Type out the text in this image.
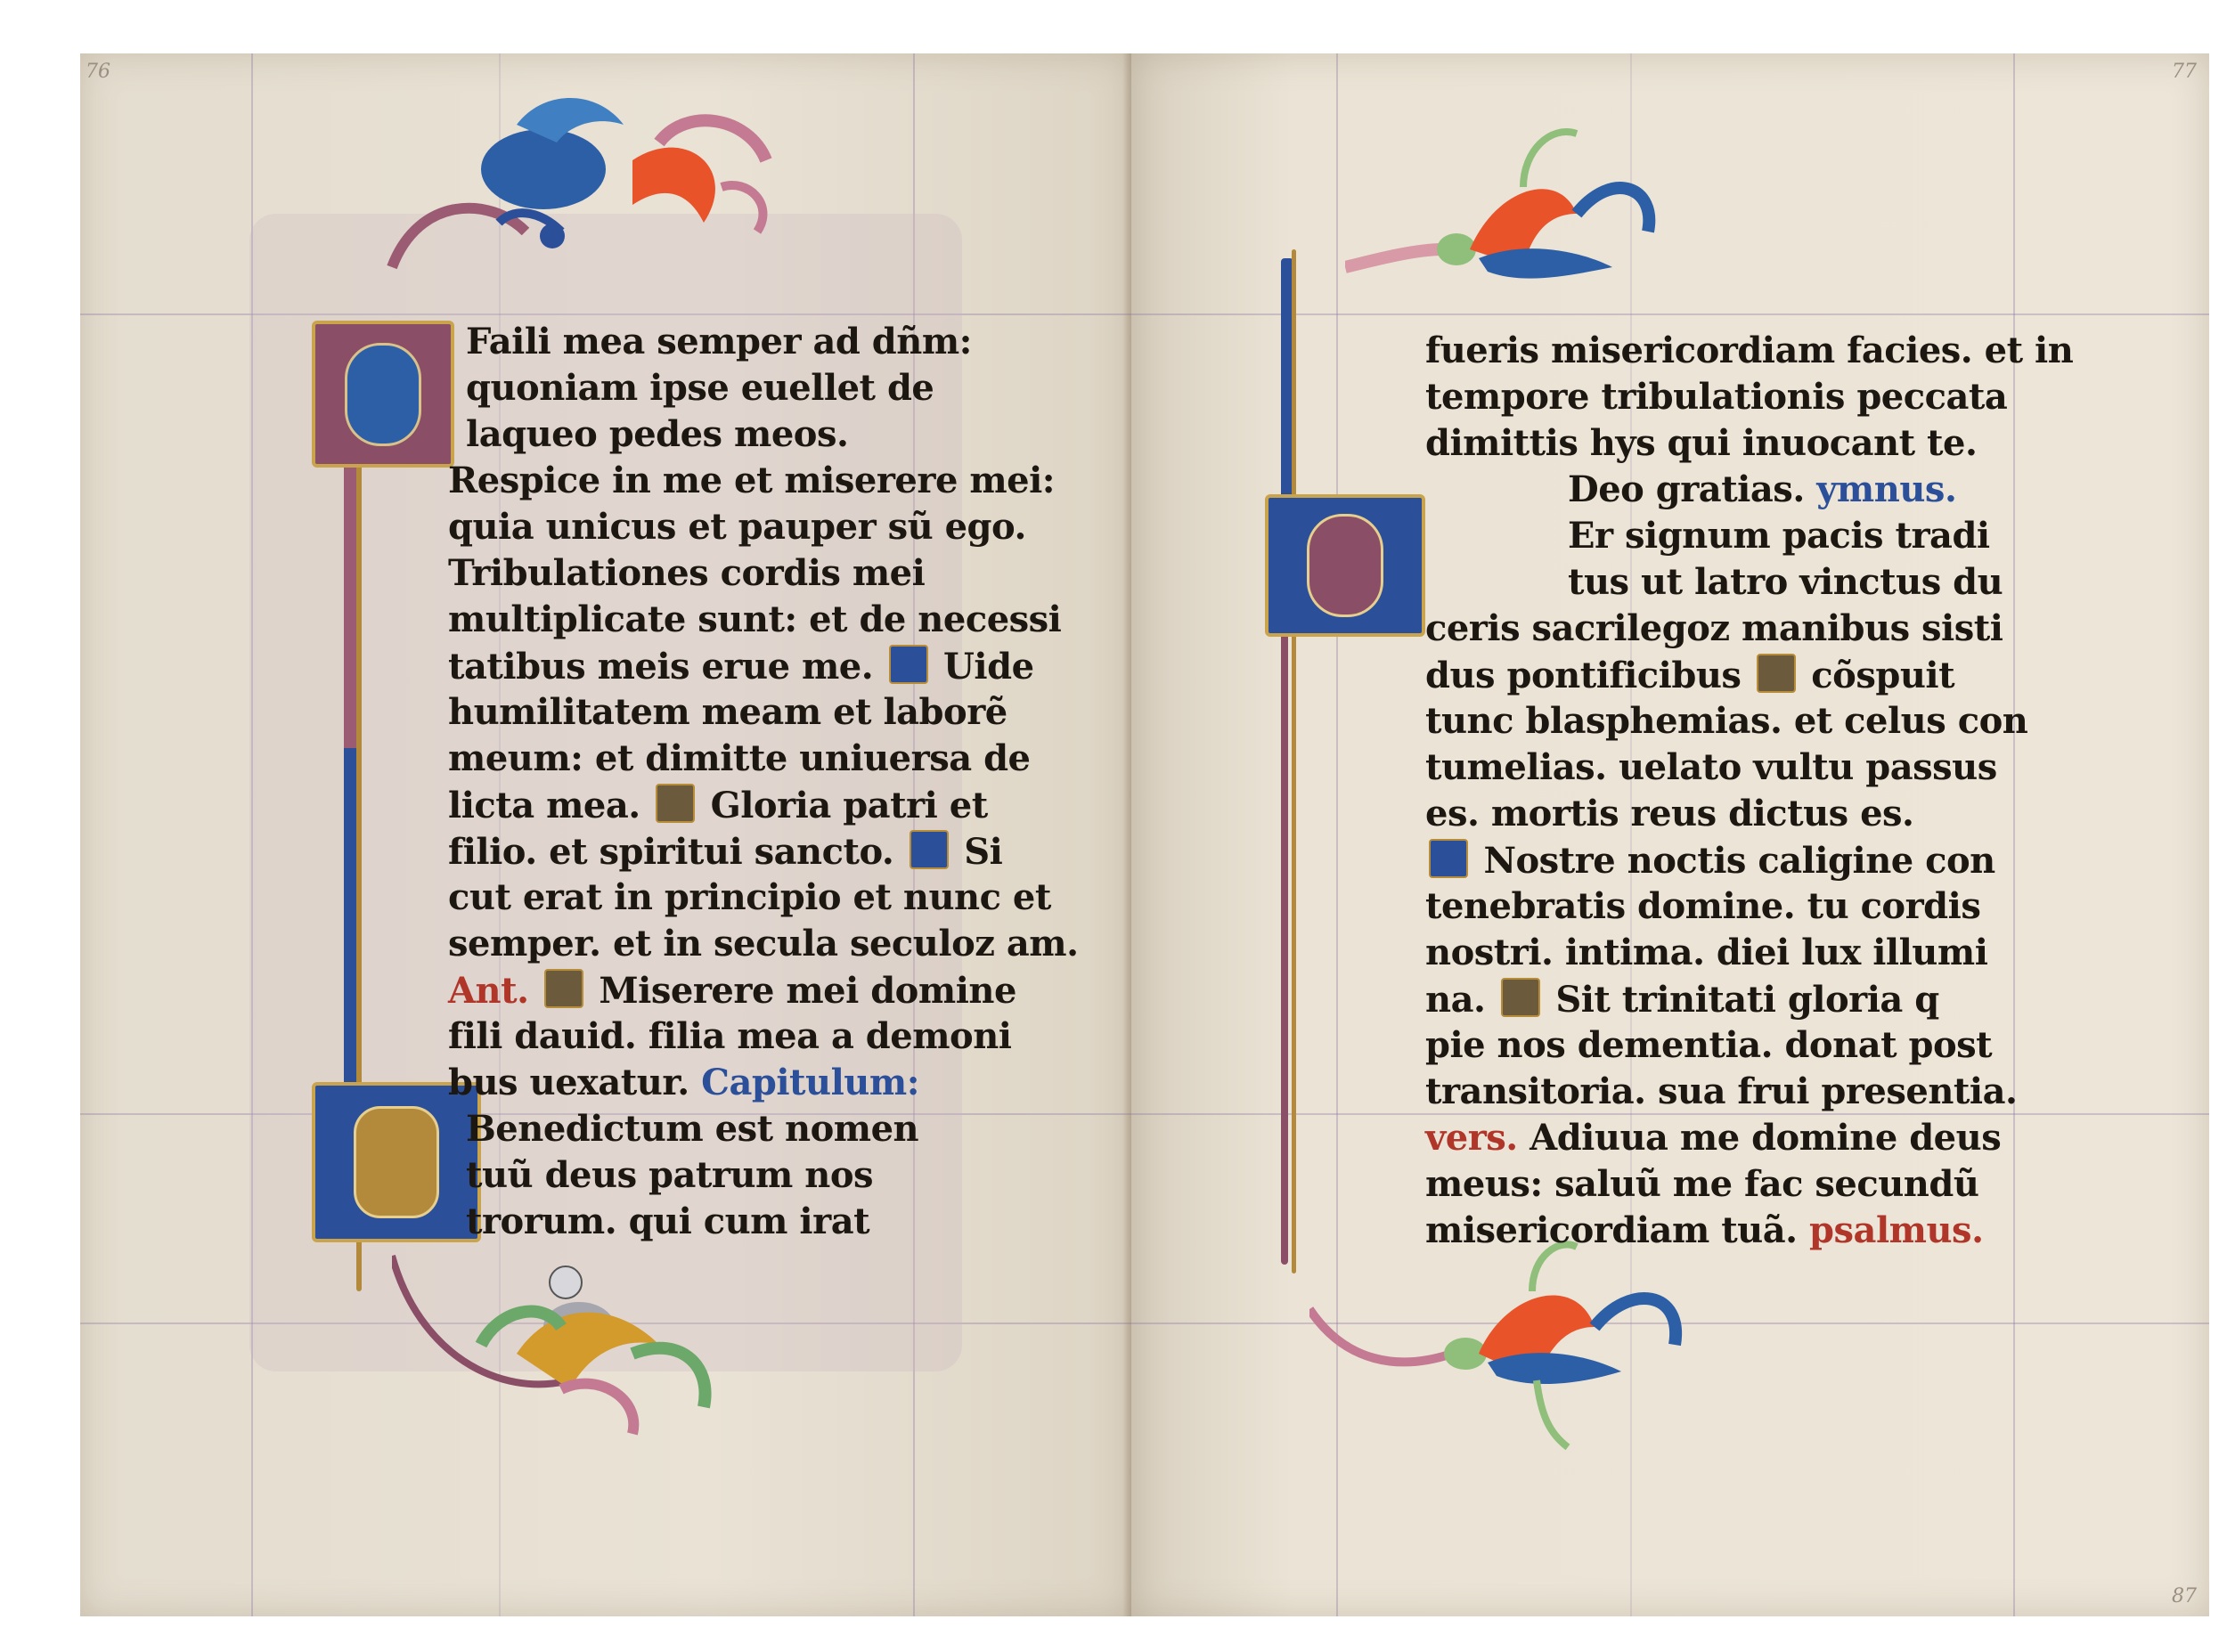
76
Faili mea semper ad dñm:
quoniam ipse euellet de
laqueo pedes meos.
Respice in me et miserere mei:
quia unicus et pauper sũ ego.
Tribulationes cordis mei
multiplicate sunt: et de necessi
tatibus meis erue me. Uide
humilitatem meam et laborẽ
meum: et dimitte uniuersa de
licta mea. Gloria patri et
filio. et spiritui sancto. Si
cut erat in principio et nunc et
semper. et in secula seculoz am.
Ant. Miserere mei domine
fili dauid. filia mea a demoni
bus uexatur. Capitulum:
Benedictum est nomen
tuũ deus patrum nos
trorum. qui cum irat
77
87
fueris misericordiam facies. et in
tempore tribulationis peccata
dimittis hys qui inuocant te.
Deo gratias. ymnus.
Er signum pacis tradi
tus ut latro vinctus du
ceris sacrilegoz manibus sisti
dus pontificibus cõspuit
tunc blasphemias. et celus con
tumelias. uelato vultu passus
es. mortis reus dictus es.
Nostre noctis caligine con
tenebratis domine. tu cordis
nostri. intima. diei lux illumi
na. Sit trinitati gloria q
pie nos dementia. donat post
transitoria. sua frui presentia.
vers. Adiuua me domine deus
meus: saluũ me fac secundũ
misericordiam tuã. psalmus.
